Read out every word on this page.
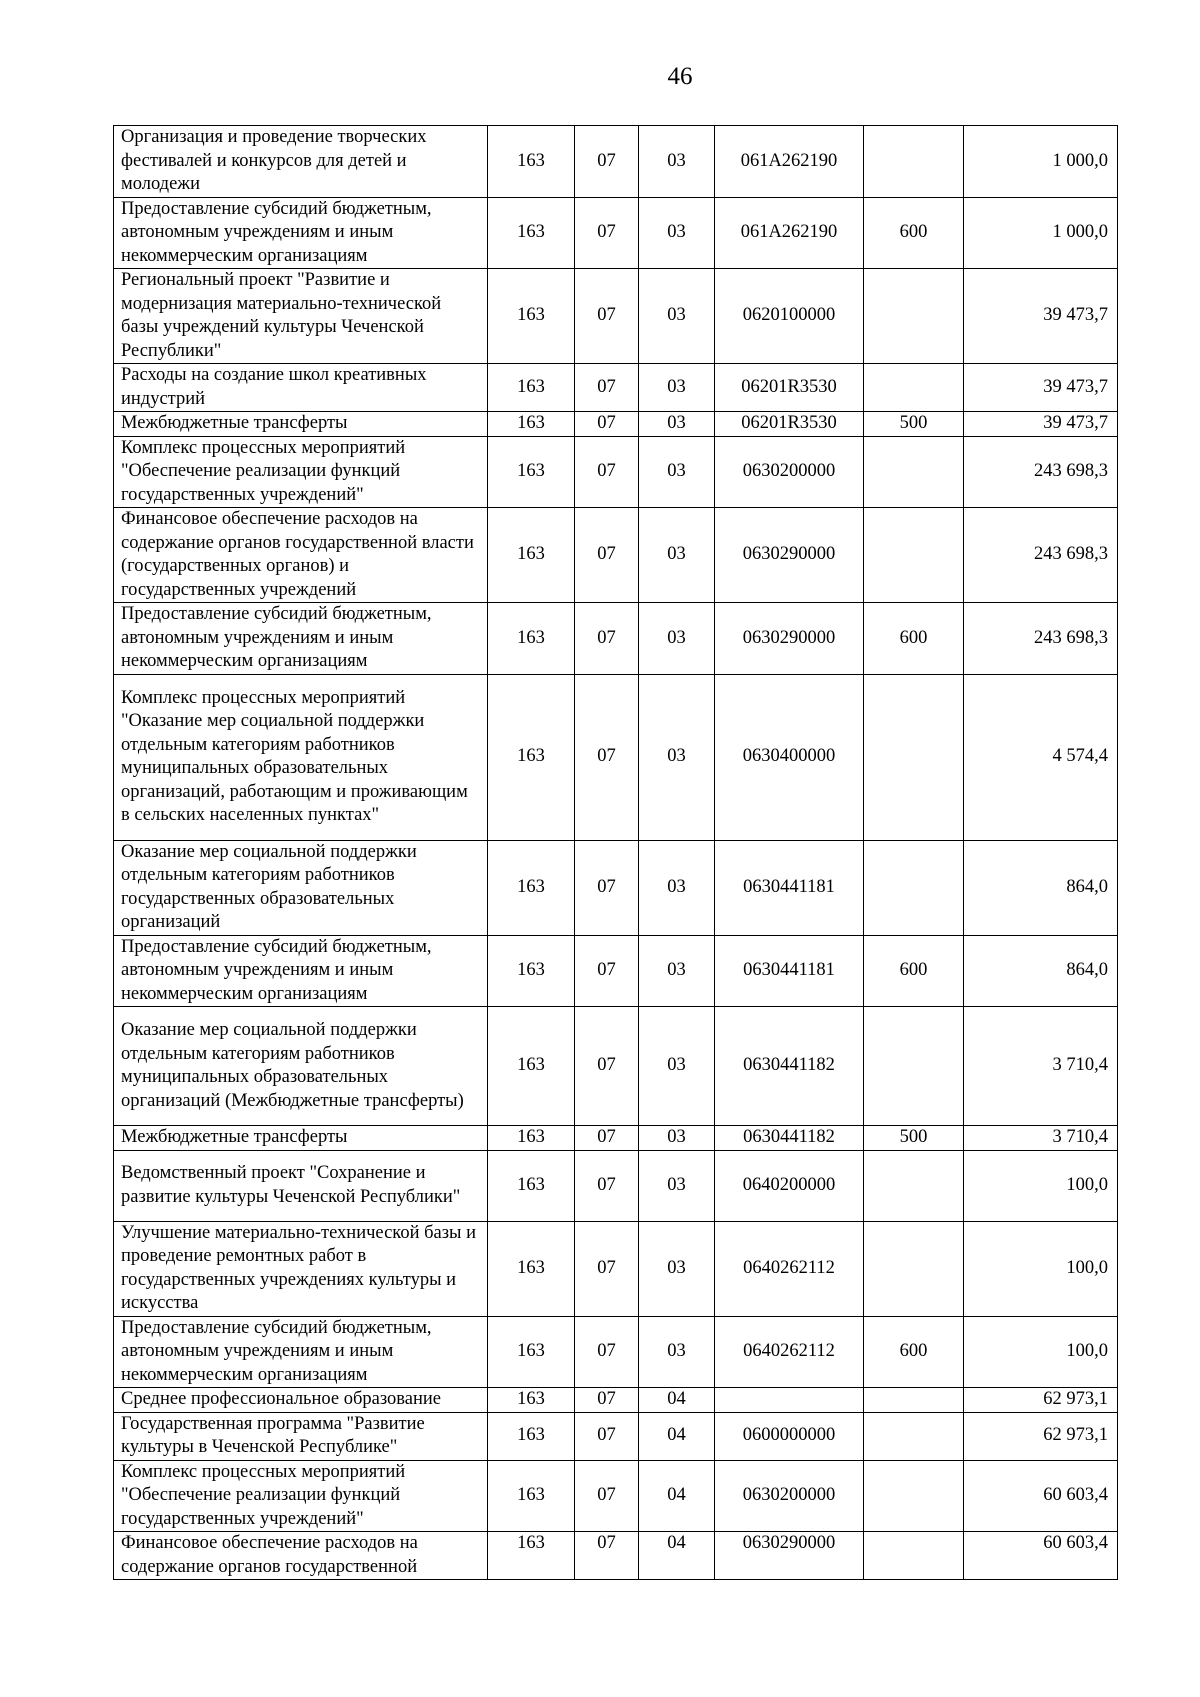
46
Организация и проведение творческих фестивалей и конкурсов для детей и молодежи	163	07	03	061A262190		1 000,0
Предоставление субсидий бюджетным, автономным учреждениям и иным некоммерческим организациям	163	07	03	061A262190	600	1 000,0
Региональный проект "Развитие и модернизация материально-технической базы учреждений культуры Чеченской Республики"	163	07	03	0620100000		39 473,7
Расходы на создание школ креативных индустрий	163	07	03	06201R3530		39 473,7
Межбюджетные трансферты	163	07	03	06201R3530	500	39 473,7
Комплекс процессных мероприятий "Обеспечение реализации функций государственных учреждений"	163	07	03	0630200000		243 698,3
Финансовое обеспечение расходов на содержание органов государственной власти (государственных органов) и государственных учреждений	163	07	03	0630290000		243 698,3
Предоставление субсидий бюджетным, автономным учреждениям и иным некоммерческим организациям	163	07	03	0630290000	600	243 698,3
Комплекс процессных мероприятий "Оказание мер социальной поддержки отдельным категориям работников муниципальных образовательных организаций, работающим и проживающим в сельских населенных пунктах"	163	07	03	0630400000		4 574,4
Оказание мер социальной поддержки отдельным категориям работников государственных образовательных организаций	163	07	03	0630441181		864,0
Предоставление субсидий бюджетным, автономным учреждениям и иным некоммерческим организациям	163	07	03	0630441181	600	864,0
Оказание мер социальной поддержки отдельным категориям работников муниципальных образовательных организаций (Межбюджетные трансферты)	163	07	03	0630441182		3 710,4
Межбюджетные трансферты	163	07	03	0630441182	500	3 710,4
Ведомственный проект "Сохранение и развитие культуры Чеченской Республики"	163	07	03	0640200000		100,0
Улучшение материально-технической базы и проведение ремонтных работ в государственных учреждениях культуры и искусства	163	07	03	0640262112		100,0
Предоставление субсидий бюджетным, автономным учреждениям и иным некоммерческим организациям	163	07	03	0640262112	600	100,0
Среднее профессиональное образование	163	07	04			62 973,1
Государственная программа "Развитие культуры в Чеченской Республике"	163	07	04	0600000000		62 973,1
Комплекс процессных мероприятий "Обеспечение реализации функций государственных учреждений"	163	07	04	0630200000		60 603,4
Финансовое обеспечение расходов на содержание органов государственной	163	07	04	0630290000		60 603,4
